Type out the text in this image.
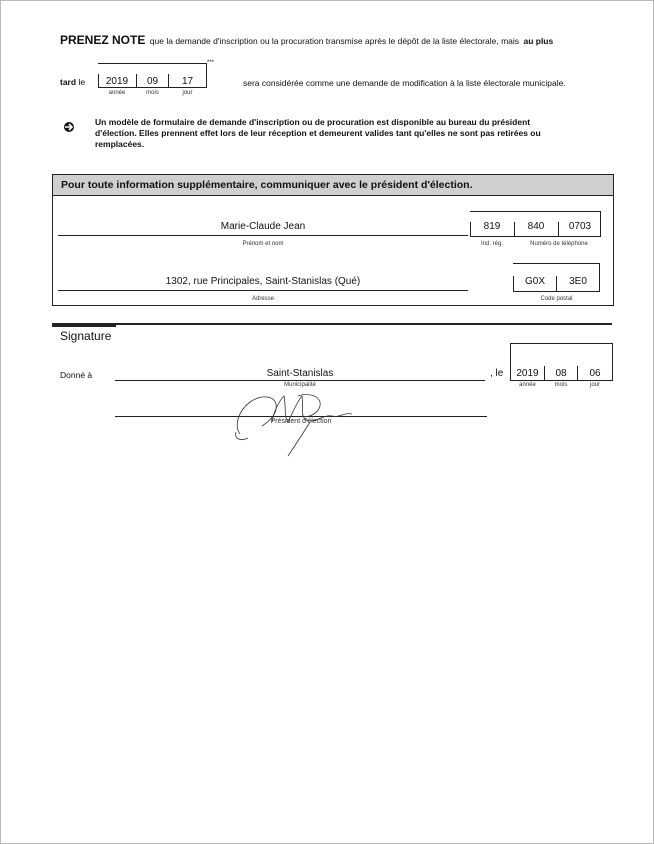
PRENEZ NOTE que la demande d'inscription ou la procuration transmise après le dépôt de la liste électorale, mais au plus
tard le	2019	09	17
année	mois	jour
***
sera considérée comme une demande de modification à la liste électorale municipale.
Un modèle de formulaire de demande d'inscription ou de procuration est disponible au bureau du président
d'élection. Elles prennent effet lors de leur réception et demeurent valides tant qu'elles ne sont pas retirées ou
remplacées.
Pour toute information supplémentaire, communiquer avec le président d'élection.
Marie-Claude Jean
Prénom et nom
819	840	0703
Ind. rég.	Numéro de téléphone
1302, rue Principales, Saint-Stanislas (Qué)
Adresse
G0X	3E0
Code postal
Signature
Donné à	Saint-Stanislas
Municipalité
, le	2019	08	06
année	mois	jour
Président d'élection
